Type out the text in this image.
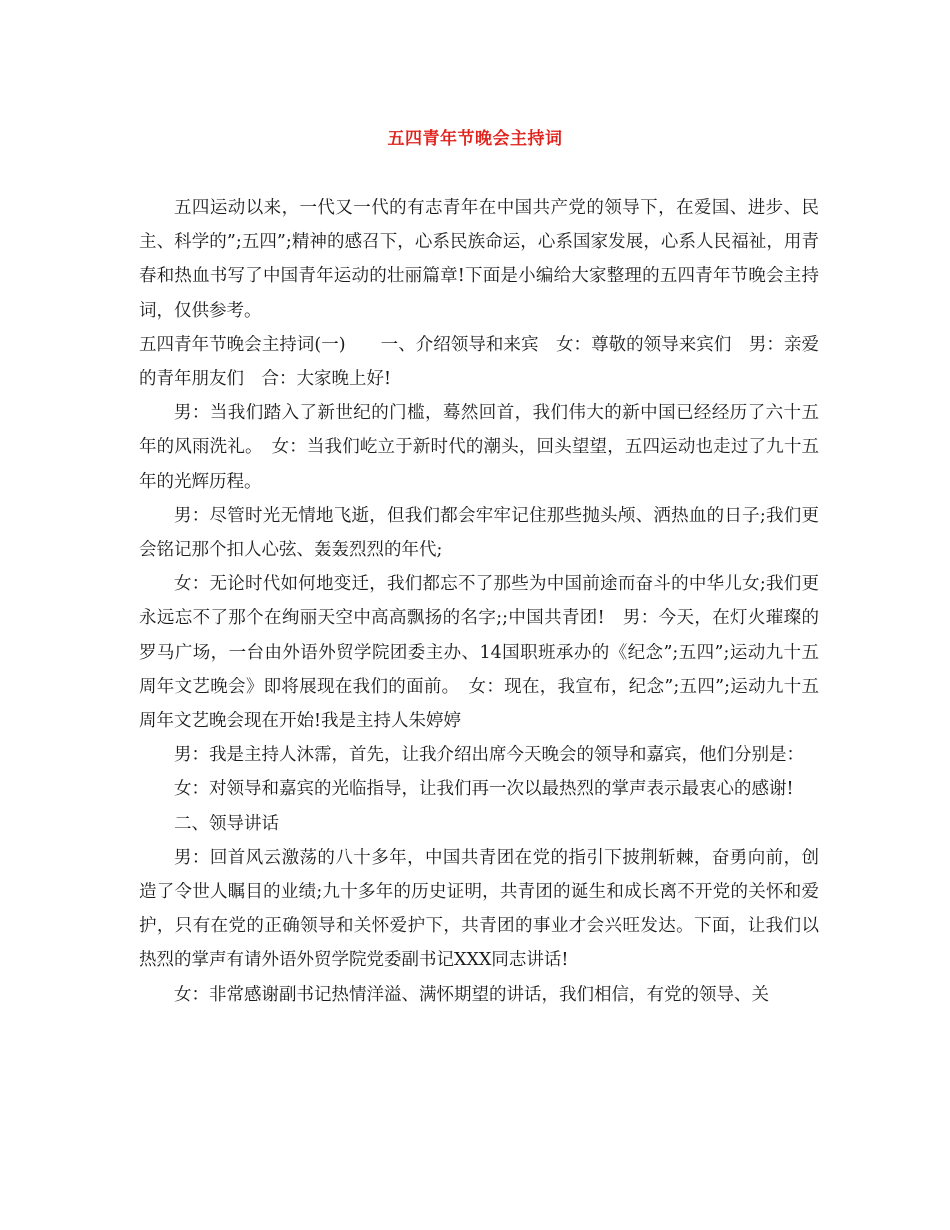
五四青年节晚会主持词

五四运动以来，一代又一代的有志青年在中国共产党的领导下，在爱国、进步、民主、科学的”;五四”;精神的感召下，心系民族命运，心系国家发展，心系人民福祉，用青春和热血书写了中国青年运动的壮丽篇章!下面是小编给大家整理的五四青年节晚会主持词，仅供参考。

五四青年节晚会主持词(一)　　一、介绍领导和来宾　女：尊敬的领导来宾们　男：亲爱的青年朋友们　合：大家晚上好!

男：当我们踏入了新世纪的门槛，蓦然回首，我们伟大的新中国已经经历了六十五年的风雨洗礼。　女：当我们屹立于新时代的潮头，回头望望，五四运动也走过了九十五年的光辉历程。

男：尽管时光无情地飞逝，但我们都会牢牢记住那些抛头颅、洒热血的日子;我们更会铭记那个扣人心弦、轰轰烈烈的年代;

女：无论时代如何地变迁，我们都忘不了那些为中国前途而奋斗的中华儿女;我们更永远忘不了那个在绚丽天空中高高飘扬的名字;;中国共青团!　男：今天，在灯火璀璨的罗马广场，一台由外语外贸学院团委主办、14国职班承办的《纪念”;五四”;运动九十五周年文艺晚会》即将展现在我们的面前。　女：现在，我宣布，纪念”;五四”;运动九十五周年文艺晚会现在开始!我是主持人朱婷婷

男：我是主持人沐霈，首先，让我介绍出席今天晚会的领导和嘉宾，他们分别是：

女：对领导和嘉宾的光临指导，让我们再一次以最热烈的掌声表示最衷心的感谢!

二、领导讲话

男：回首风云激荡的八十多年，中国共青团在党的指引下披荆斩棘，奋勇向前，创造了令世人瞩目的业绩;九十多年的历史证明，共青团的诞生和成长离不开党的关怀和爱护，只有在党的正确领导和关怀爱护下，共青团的事业才会兴旺发达。下面，让我们以热烈的掌声有请外语外贸学院党委副书记XXX同志讲话!

女：非常感谢副书记热情洋溢、满怀期望的讲话，我们相信，有党的领导、关
